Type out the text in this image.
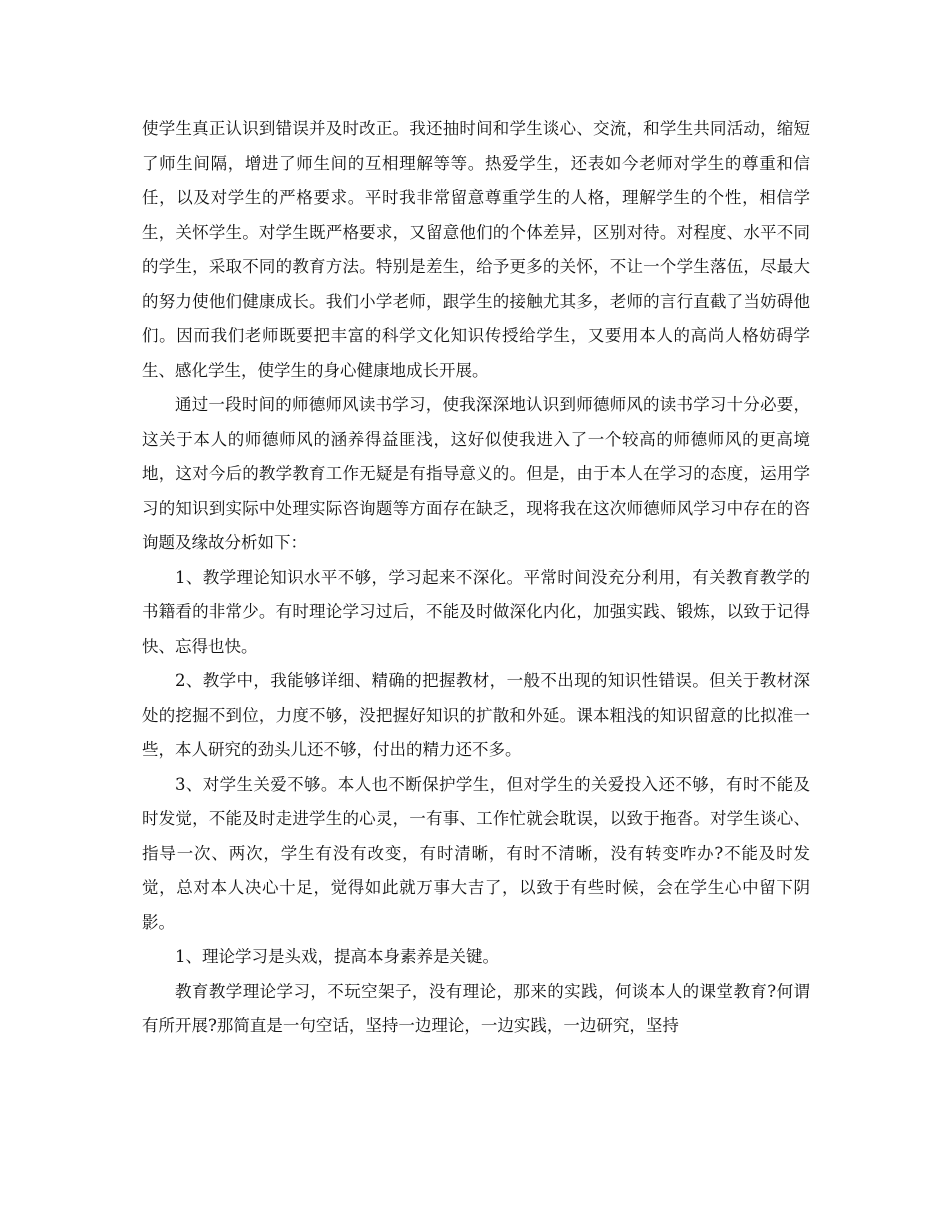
使学生真正认识到错误并及时改正。我还抽时间和学生谈心、交流，和学生共同活动，缩短了师生间隔，增进了师生间的互相理解等等。热爱学生，还表如今老师对学生的尊重和信任，以及对学生的严格要求。平时我非常留意尊重学生的人格，理解学生的个性，相信学生，关怀学生。对学生既严格要求，又留意他们的个体差异，区别对待。对程度、水平不同的学生，采取不同的教育方法。特别是差生，给予更多的关怀，不让一个学生落伍，尽最大的努力使他们健康成长。我们小学老师，跟学生的接触尤其多，老师的言行直截了当妨碍他们。因而我们老师既要把丰富的科学文化知识传授给学生，又要用本人的高尚人格妨碍学生、感化学生，使学生的身心健康地成长开展。

通过一段时间的师德师风读书学习，使我深深地认识到师德师风的读书学习十分必要，这关于本人的师德师风的涵养得益匪浅，这好似使我进入了一个较高的师德师风的更高境地，这对今后的教学教育工作无疑是有指导意义的。但是，由于本人在学习的态度，运用学习的知识到实际中处理实际咨询题等方面存在缺乏，现将我在这次师德师风学习中存在的咨询题及缘故分析如下：

1、教学理论知识水平不够，学习起来不深化。平常时间没充分利用，有关教育教学的书籍看的非常少。有时理论学习过后，不能及时做深化内化，加强实践、锻炼，以致于记得快、忘得也快。

2、教学中，我能够详细、精确的把握教材，一般不出现的知识性错误。但关于教材深处的挖掘不到位，力度不够，没把握好知识的扩散和外延。课本粗浅的知识留意的比拟准一些，本人研究的劲头儿还不够，付出的精力还不多。

3、对学生关爱不够。本人也不断保护学生，但对学生的关爱投入还不够，有时不能及时发觉，不能及时走进学生的心灵，一有事、工作忙就会耽误，以致于拖沓。对学生谈心、指导一次、两次，学生有没有改变，有时清晰，有时不清晰，没有转变咋办?不能及时发觉，总对本人决心十足，觉得如此就万事大吉了，以致于有些时候，会在学生心中留下阴影。

1、理论学习是头戏，提高本身素养是关键。

教育教学理论学习，不玩空架子，没有理论，那来的实践，何谈本人的课堂教育?何谓有所开展?那简直是一句空话，坚持一边理论，一边实践，一边研究，坚持
